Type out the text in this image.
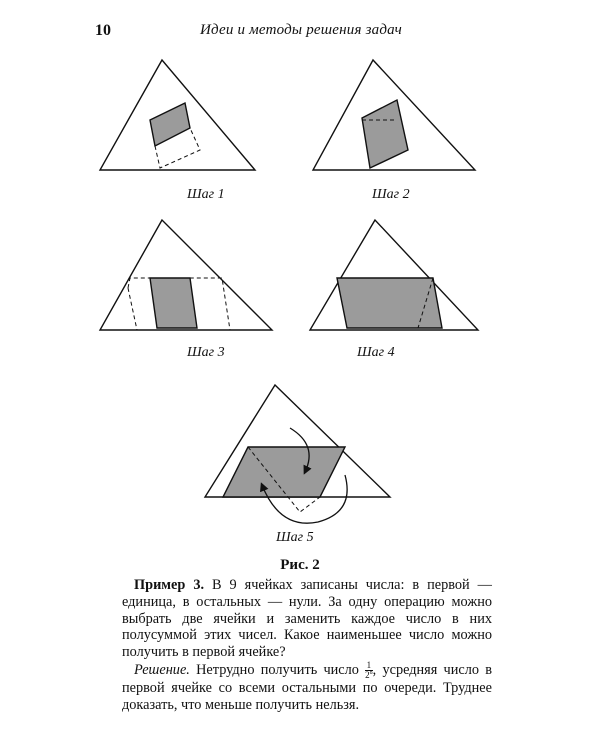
10	Идеи и методы решения задач
Шаг 1	Шаг 2
Шаг 3	Шаг 4
Шаг 5
Рис. 2

Пример 3. В 9 ячейках записаны числа: в первой — единица, в остальных — нули. За одну операцию можно выбрать две ячейки и заменить каждое число в них полусуммой этих чисел. Какое наименьшее число можно получить в первой ячейке?

Решение. Нетрудно получить число $\frac{1}{2^8}$ , усредняя число в первой ячейке со всеми остальными по очереди. Труднее доказать, что меньше получить нельзя.
